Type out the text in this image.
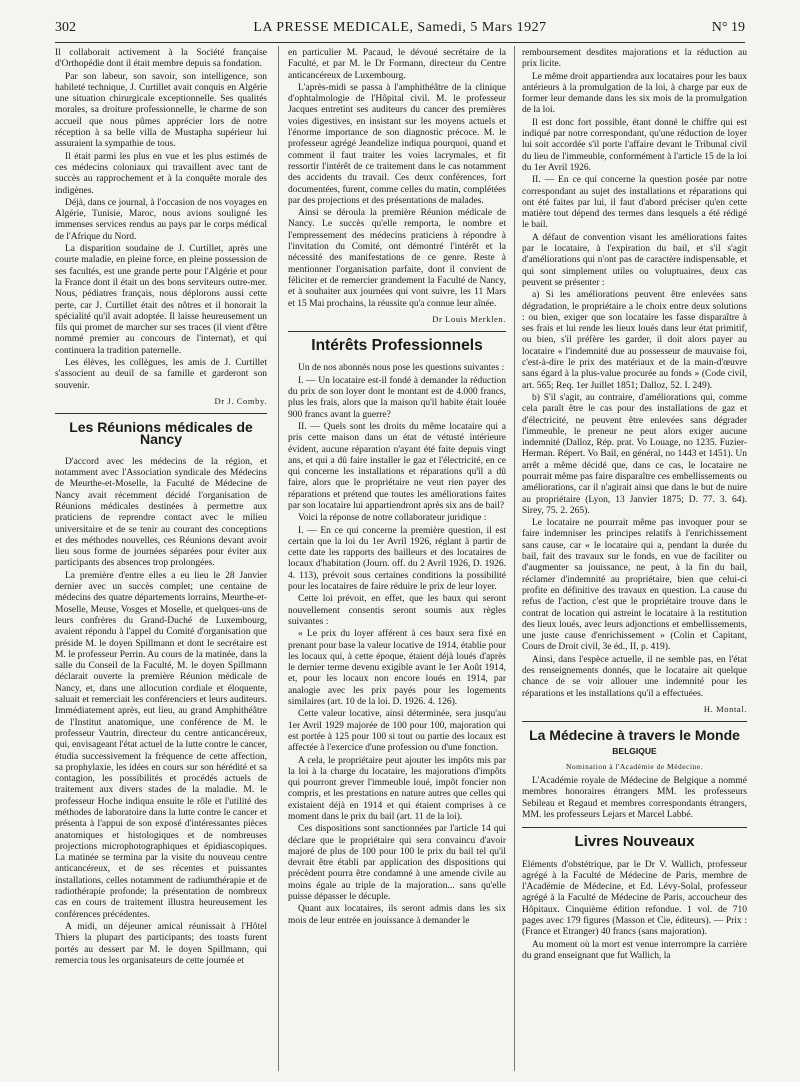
302	LA PRESSE MEDICALE, Samedi, 5 Mars 1927	N° 19

Il collaborait activement à la Société française d'Orthopédie dont il était membre depuis sa fondation.

Par son labeur, son savoir, son intelligence, son habileté technique, J. Curtillet avait conquis en Algérie une situation chirurgicale exceptionnelle. Ses qualités morales, sa droiture professionnelle, le charme de son accueil que nous pûmes apprécier lors de notre réception à sa belle villa de Mustapha supérieur lui assuraient la sympathie de tous.

Il était parmi les plus en vue et les plus estimés de ces médecins coloniaux qui travaillent avec tant de succès au rapprochement et à la conquête morale des indigènes.

Déjà, dans ce journal, à l'occasion de nos voyages en Algérie, Tunisie, Maroc, nous avions souligné les immenses services rendus au pays par le corps médical de l'Afrique du Nord.

La disparition soudaine de J. Curtillet, après une courte maladie, en pleine force, en pleine possession de ses facultés, est une grande perte pour l'Algérie et pour la France dont il était un des bons serviteurs outre-mer. Nous, pédiatres français, nous déplorons aussi cette perte, car J. Curtillet était des nôtres et il honorait la spécialité qu'il avait adoptée. Il laisse heureusement un fils qui promet de marcher sur ses traces (il vient d'être nommé premier au concours de l'internat), et qui continuera la tradition paternelle.

Les élèves, les collègues, les amis de J. Curtillet s'associent au deuil de sa famille et garderont son souvenir.

Dr J. Comby.
Les Réunions médicales de Nancy

D'accord avec les médecins de la région, et notamment avec l'Association syndicale des Médecins de Meurthe-et-Moselle, la Faculté de Médecine de Nancy avait récemment décidé l'organisation de Réunions médicales destinées à permettre aux praticiens de reprendre contact avec le milieu universitaire et de se tenir au courant des conceptions et des méthodes nouvelles, ces Réunions devant avoir lieu sous forme de journées séparées pour éviter aux participants des absences trop prolongées.

La première d'entre elles a eu lieu le 28 Janvier dernier avec un succès complet; une centaine de médecins des quatre départements lorrains, Meurthe-et-Moselle, Meuse, Vosges et Moselle, et quelques-uns de leurs confrères du Grand-Duché de Luxembourg, avaient répondu à l'appel du Comité d'organisation que préside M. le doyen Spillmann et dont le secrétaire est M. le professeur Perrin. Au cours de la matinée, dans la salle du Conseil de la Faculté, M. le doyen Spillmann déclarait ouverte la première Réunion médicale de Nancy, et, dans une allocution cordiale et éloquente, saluait et remerciait les conférenciers et leurs auditeurs. Immédiatement après, eut lieu, au grand Amphithéâtre de l'Institut anatomique, une conférence de M. le professeur Vautrin, directeur du centre anticancéreux, qui, envisageant l'état actuel de la lutte contre le cancer, étudia successivement la fréquence de cette affection, sa prophylaxie, les idées en cours sur son hérédité et sa contagion, les possibilités et procédés actuels de traitement aux divers stades de la maladie. M. le professeur Hoche indiqua ensuite le rôle et l'utilité des méthodes de laboratoire dans la lutte contre le cancer et présenta à l'appui de son exposé d'intéressantes pièces anatomiques et histologiques et de nombreuses projections microphotographiques et épidiascopiques. La matinée se termina par la visite du nouveau centre anticancéreux, et de ses récentes et puissantes installations, celles notamment de radiumthérapie et de radiothérapie profonde; la présentation de nombreux cas en cours de traitement illustra heureusement les conférences précédentes.

A midi, un déjeuner amical réunissait à l'Hôtel Thiers la plupart des participants; des toasts furent portés au dessert par M. le doyen Spillmann, qui remercia tous les organisateurs de cette journée et

en particulier M. Pacaud, le dévoué secrétaire de la Faculté, et par M. le Dr Formann, directeur du Centre anticancéreux de Luxembourg.

L'après-midi se passa à l'amphithéâtre de la clinique d'ophtalmologie de l'Hôpital civil. M. le professeur Jacques entretint ses auditeurs du cancer des premières voies digestives, en insistant sur les moyens actuels et l'énorme importance de son diagnostic précoce. M. le professeur agrégé Jeandelize indiqua pourquoi, quand et comment il faut traiter les voies lacrymales, et fit ressortir l'intérêt de ce traitement dans le cas notamment des accidents du travail. Ces deux conférences, fort documentées, furent, comme celles du matin, complétées par des projections et des présentations de malades.

Ainsi se déroula la première Réunion médicale de Nancy. Le succès qu'elle remporta, le nombre et l'empressement des médecins praticiens à répondre à l'invitation du Comité, ont démontré l'intérêt et la nécessité des manifestations de ce genre. Reste à mentionner l'organisation parfaite, dont il convient de féliciter et de remercier grandement la Faculté de Nancy, et à souhaiter aux journées qui vont suivre, les 11 Mars et 15 Mai prochains, la réussite qu'a connue leur aînée.

Dr Louis Merklen.
Intérêts Professionnels

Un de nos abonnés nous pose les questions suivantes :

I. — Un locataire est-il fondé à demander la réduction du prix de son loyer dont le montant est de 4.000 francs, plus les frais, alors que la maison qu'il habite était louée 900 francs avant la guerre?

II. — Quels sont les droits du même locataire qui a pris cette maison dans un état de vétusté intérieure évident, aucune réparation n'ayant été faite depuis vingt ans, et qui a dû faire installer le gaz et l'électricité, en ce qui concerne les installations et réparations qu'il a dû faire, alors que le propriétaire ne veut rien payer des réparations et prétend que toutes les améliorations faites par son locataire lui appartiendront après six ans de bail?

Voici la réponse de notre collaborateur juridique :

I. — En ce qui concerne la première question, il est certain que la loi du 1er Avril 1926, réglant à partir de cette date les rapports des bailleurs et des locataires de locaux d'habitation (Journ. off. du 2 Avril 1926, D. 1926. 4. 113), prévoit sous certaines conditions la possibilité pour les locataires de faire réduire le prix de leur loyer.

Cette loi prévoit, en effet, que les baux qui seront nouvellement consentis seront soumis aux règles suivantes :

« Le prix du loyer afférent à ces baux sera fixé en prenant pour base la valeur locative de 1914, établie pour les locaux qui, à cette époque, étaient déjà loués d'après le dernier terme devenu exigible avant le 1er Août 1914, et, pour les locaux non encore loués en 1914, par analogie avec les prix payés pour les logements similaires (art. 10 de la loi. D. 1926. 4. 126).

Cette valeur locative, ainsi déterminée, sera jusqu'au 1er Avril 1929 majorée de 100 pour 100, majoration qui est portée à 125 pour 100 si tout ou partie des locaux est affectée à l'exercice d'une profession ou d'une fonction.

A cela, le propriétaire peut ajouter les impôts mis par la loi à la charge du locataire, les majorations d'impôts qui pourront grever l'immeuble loué, impôt foncier non compris, et les prestations en nature autres que celles qui existaient déjà en 1914 et qui étaient comprises à ce moment dans le prix du bail (art. 11 de la loi).

Ces dispositions sont sanctionnées par l'article 14 qui déclare que le propriétaire qui sera convaincu d'avoir majoré de plus de 100 pour 100 le prix du bail tel qu'il devrait être établi par application des dispositions qui précèdent pourra être condamné à une amende civile au moins égale au triple de la majoration... sans qu'elle puisse dépasser le décuple.

Quant aux locataires, ils seront admis dans les six mois de leur entrée en jouissance à demander le

remboursement desdites majorations et la réduction au prix licite.

Le même droit appartiendra aux locataires pour les baux antérieurs à la promulgation de la loi, à charge par eux de former leur demande dans les six mois de la promulgation de la loi.

Il est donc fort possible, étant donné le chiffre qui est indiqué par notre correspondant, qu'une réduction de loyer lui soit accordée s'il porte l'affaire devant le Tribunal civil du lieu de l'immeuble, conformément à l'article 15 de la loi du 1er Avril 1926.

II. — En ce qui concerne la question posée par notre correspondant au sujet des installations et réparations qui ont été faites par lui, il faut d'abord préciser qu'en cette matière tout dépend des termes dans lesquels a été rédigé le bail.

A défaut de convention visant les améliorations faites par le locataire, à l'expiration du bail, et s'il s'agit d'améliorations qui n'ont pas de caractère indispensable, et qui sont simplement utiles ou voluptuaires, deux cas peuvent se présenter :

a) Si les améliorations peuvent être enlevées sans dégradation, le propriétaire a le choix entre deux solutions : ou bien, exiger que son locataire les fasse disparaître à ses frais et lui rende les lieux loués dans leur état primitif, ou bien, s'il préfère les garder, il doit alors payer au locataire « l'indemnité due au possesseur de mauvaise foi, c'est-à-dire le prix des matériaux et de la main-d'œuvre sans égard à la plus-value procurée au fonds » (Code civil, art. 565; Req. 1er Juillet 1851; Dalloz, 52. I. 249).

b) S'il s'agit, au contraire, d'améliorations qui, comme cela paraît être le cas pour des installations de gaz et d'électricité, ne peuvent être enlevées sans dégrader l'immeuble, le preneur ne peut alors exiger aucune indemnité (Dalloz, Rép. prat. Vo Louage, no 1235. Fuzier-Herman. Répert. Vo Bail, en général, no 1443 et 1451). Un arrêt a même décidé que, dans ce cas, le locataire ne pourrait même pas faire disparaître ces embellissements ou améliorations, car il n'agirait ainsi que dans le but de nuire au propriétaire (Lyon, 13 Janvier 1875; D. 77. 3. 64). Sirey, 75. 2. 265).

Le locataire ne pourrait même pas invoquer pour se faire indemniser les principes relatifs à l'enrichissement sans cause, car « le locataire qui a, pendant la durée du bail, fait des travaux sur le fonds, en vue de faciliter ou d'augmenter sa jouissance, ne peut, à la fin du bail, réclamer d'indemnité au propriétaire, bien que celui-ci profite en définitive des travaux en question. La cause du refus de l'action, c'est que le propriétaire trouve dans le contrat de location qui astreint le locataire à la restitution des lieux loués, avec leurs adjonctions et embellissements, une juste cause d'enrichissement » (Colin et Capitant, Cours de Droit civil, 3e éd., II, p. 419).

Ainsi, dans l'espèce actuelle, il ne semble pas, en l'état des renseignements donnés, que le locataire ait quelque chance de se voir allouer une indemnité pour les réparations et les installations qu'il a effectuées.

H. Montal.
La Médecine à travers le Monde
BELGIQUE
Nomination à l'Académie de Médecine.

L'Académie royale de Médecine de Belgique a nommé membres honoraires étrangers MM. les professeurs Sebileau et Regaud et membres correspondants étrangers, MM. les professeurs Lejars et Marcel Labbé.

Livres Nouveaux

Eléments d'obstétrique, par le Dr V. Wallich, professeur agrégé à la Faculté de Médecine de Paris, membre de l'Académie de Médecine, et Ed. Lévy-Solal, professeur agrégé à la Faculté de Médecine de Paris, accoucheur des Hôpitaux. Cinquième édition refondue. 1 vol. de 710 pages avec 179 figures (Masson et Cie, éditeurs). — Prix : (France et Etranger) 40 francs (sans majoration).

Au moment où la mort est venue interrompre la carrière du grand enseignant que fut Wallich, la
